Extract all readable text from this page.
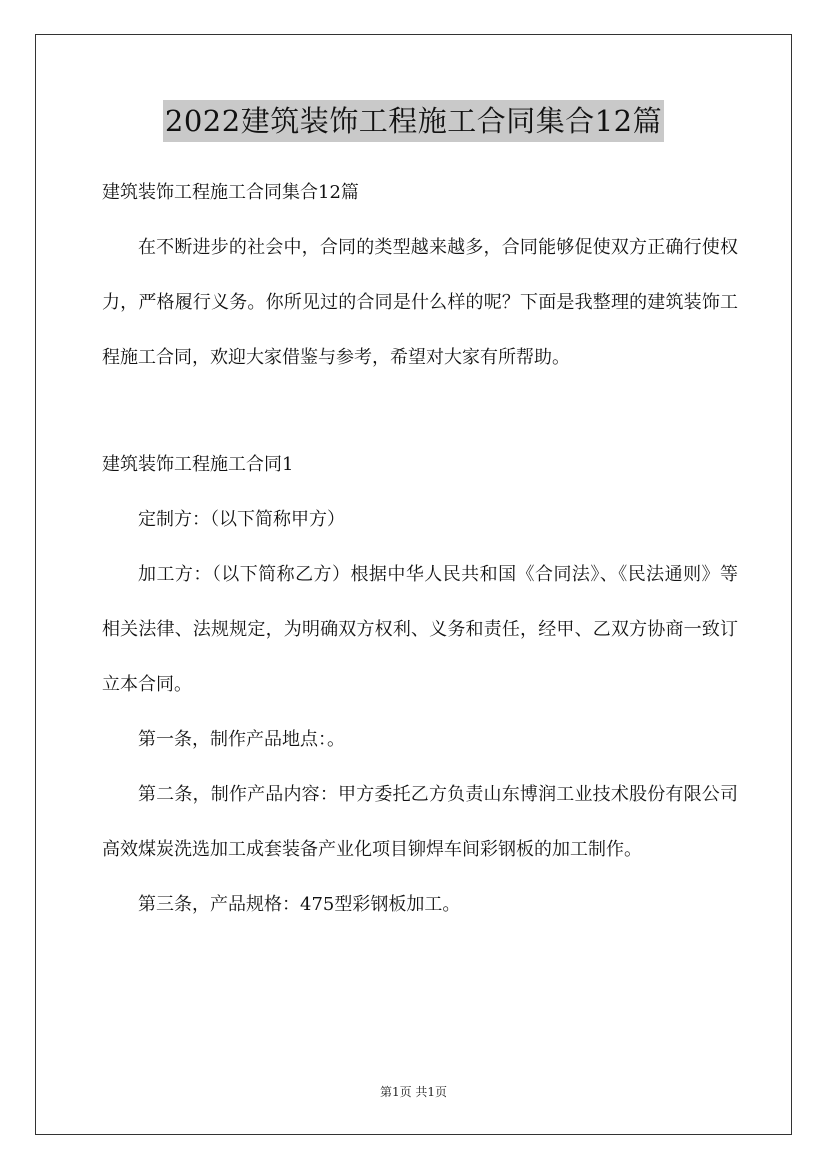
2022建筑装饰工程施工合同集合12篇

建筑装饰工程施工合同集合12篇

在不断进步的社会中，合同的类型越来越多，合同能够促使双方正确行使权力，严格履行义务。你所见过的合同是什么样的呢？下面是我整理的建筑装饰工程施工合同，欢迎大家借鉴与参考，希望对大家有所帮助。

建筑装饰工程施工合同1

定制方：（以下简称甲方）

加工方：（以下简称乙方）根据中华人民共和国《合同法》、《民法通则》等相关法律、法规规定，为明确双方权利、义务和责任，经甲、乙双方协商一致订立本合同。

第一条，制作产品地点：。

第二条，制作产品内容：甲方委托乙方负责山东博润工业技术股份有限公司高效煤炭洗选加工成套装备产业化项目铆焊车间彩钢板的加工制作。

第三条，产品规格：475型彩钢板加工。

第1页 共1页
